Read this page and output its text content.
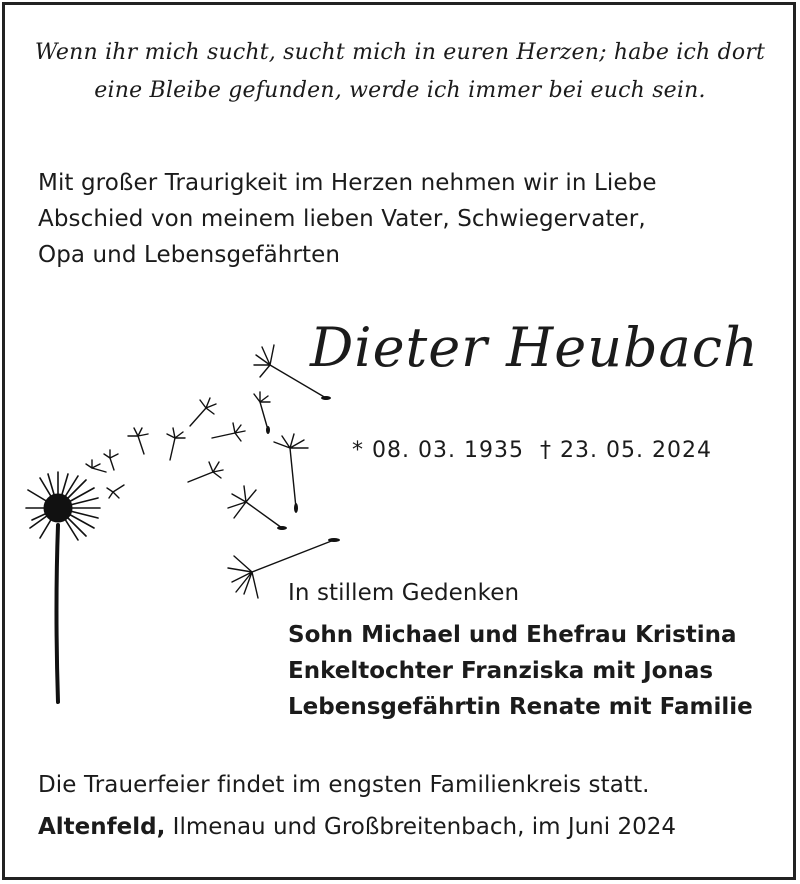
Wenn ihr mich sucht, sucht mich in euren Herzen; habe ich dort
eine Bleibe gefunden, werde ich immer bei euch sein.
Mit großer Traurigkeit im Herzen nehmen wir in Liebe
Abschied von meinem lieben Vater, Schwiegervater,
Opa und Lebensgefährten
Dieter Heubach
* 08. 03. 1935 † 23. 05. 2024
In stillem Gedenken
Sohn Michael und Ehefrau Kristina
Enkeltochter Franziska mit Jonas
Lebensgefährtin Renate mit Familie
Die Trauerfeier findet im engsten Familienkreis statt.
Altenfeld, Ilmenau und Großbreitenbach, im Juni 2024
